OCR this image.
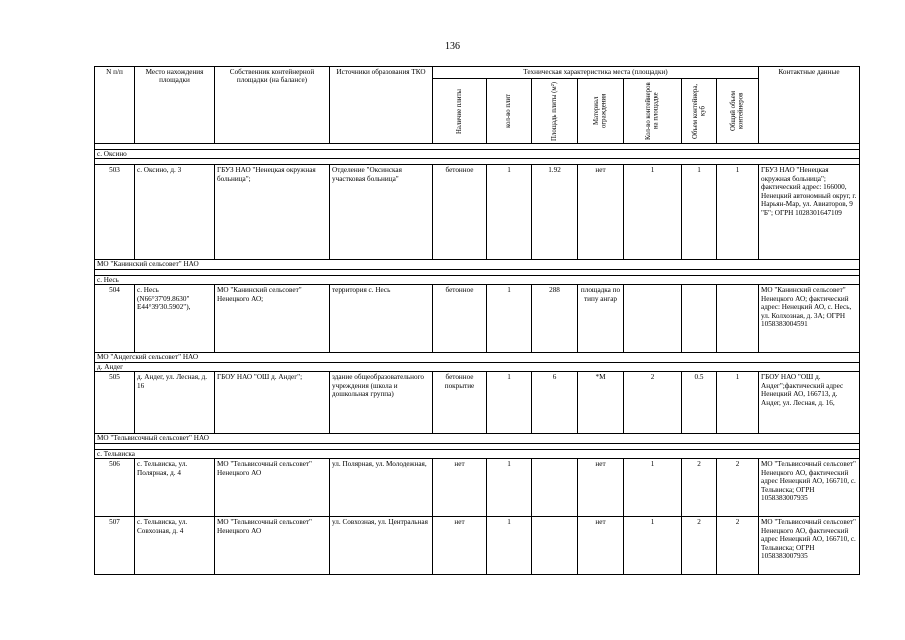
136
N п/п	Место нахождения площадки	Собственник контейнерной площадки (на балансе)	Источники образования ТКО	Техническая характеристика места (площадки)							Контактные данные

				Наличие плиты	кол-во плит	Площадь плиты (м²)	Материал ограждения	Кол-во контейнеров на площадке	Объем контейнера, куб	Общий объем контейнеров	

с. Оксино											

503	с. Оксино, д. 3	ГБУЗ НАО "Ненецкая окружная больница";	Отделение "Оксинская участковая больница"	бетонное	1	1.92	нет	1	1	1	ГБУЗ НАО "Ненецкая окружная больница"; фактический адрес: 166000, Ненецкий автономный округ, г. Нарьян-Мар, ул. Авиаторов, 9 "Б"; ОГРН 1028301647109
МО "Канинский сельсовет" НАО											

с. Несь											
504	с. Несь (N66°37'09.8630" E44°39'30.5902"),	МО "Канинский сельсовет" Ненецкого АО;	территория с. Несь	бетонное	1	288	площадка по типу ангар				МО "Канинский сельсовет" Ненецкого АО; фактический адрес: Ненецкий АО, с. Несь, ул. Колхозная, д. 3А; ОГРН 1058383004591
МО "Андегский сельсовет" НАО											
д. Андег											
505	д. Андег, ул. Лесная, д. 16	ГБОУ НАО "ОШ д. Андег";	здание общеобразовательного учреждения (школа и дошкольная группа)	бетонное покрытие	1	6	*М	2	0.5	1	ГБОУ НАО "ОШ д. Андег";фактический адрес Ненецкий АО, 166713, д. Андег, ул. Лесная, д. 16,
МО "Тельвисочный сельсовет" НАО											

с. Тельвиска											
506	с. Тельвиска, ул. Полярная, д. 4	МО "Тельвисочный сельсовет" Ненецкого АО	ул. Полярная, ул. Молодежная,	нет	1		нет	1	2	2	МО "Тельвисочный сельсовет" Ненецкого АО, фактический адрес Ненецкий АО, 166710, с. Тельвиска; ОГРН 1058383007935
507	с. Тельвиска, ул. Совхозная, д. 4	МО "Тельвисочный сельсовет" Ненецкого АО	ул. Совхозная, ул. Центральная	нет	1		нет	1	2	2	МО "Тельвисочный сельсовет" Ненецкого АО, фактический адрес Ненецкий АО, 166710, с. Тельвиска; ОГРН 1058383007935
